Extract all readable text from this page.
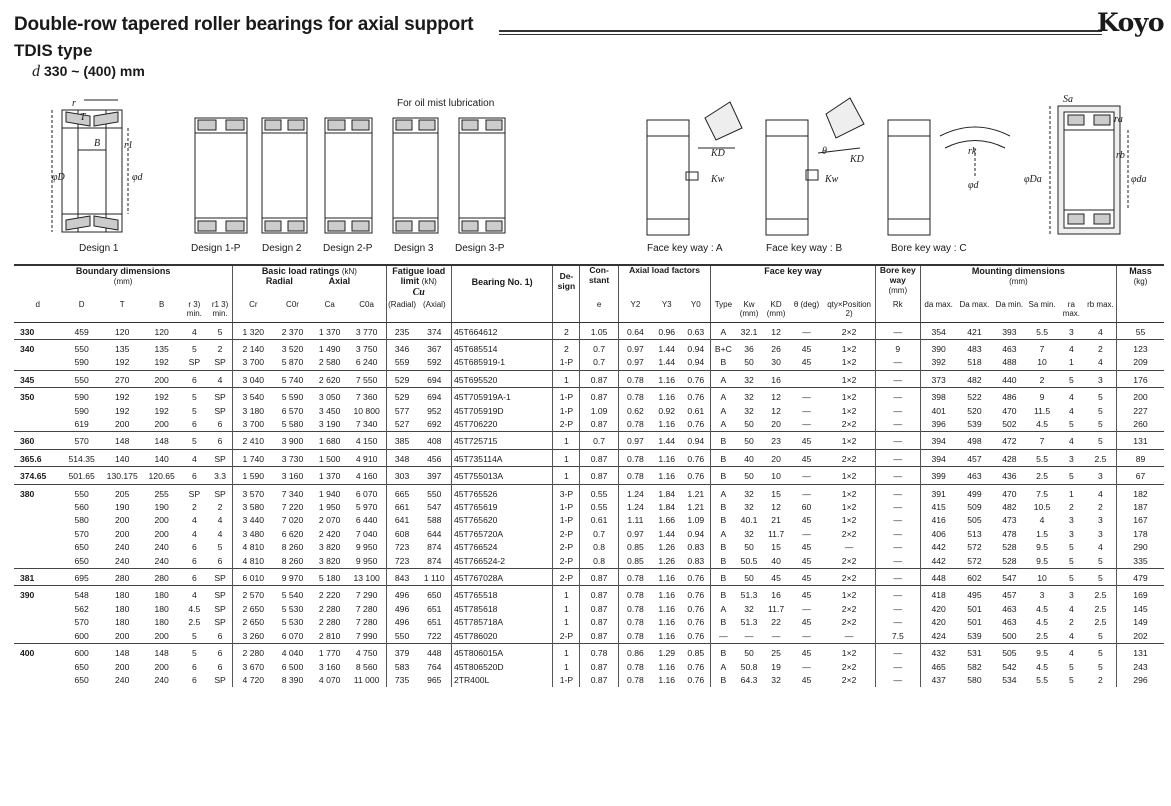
Double-row tapered roller bearings for axial support	Koyo
TDIS type
d 330 ~ (400) mm
For oil mist lubrication
T
r
r1
B
φD	φd
KD
Kw
θ
KD
Kw
rk
φd
Sa
ra
rb
φDa	φda
Design 1	Design 1-P Design 2 Design 2-P Design 3 Design 3-P	Face key way : A	Face key way : B	Bore key way : C
Boundary dimensions
(mm)						Basic load ratings (kN)
Radial Axial				Fatigue load limit (kN)
Cu		Bearing No. 1)	De-sign	Con-stant	Axial load factors			Face key way					Bore key way
(mm)	Mounting dimensions
(mm)						Mass
(kg)
d	D	T	B	r 3) min.	r1 3) min.	Cr	C0r	Ca	C0a	(Radial)	(Axial)			e	Y2	Y3	Y0	Type	Kw (mm)	KD (mm)	θ (deg)	qty×Position 2)	Rk	da max.	Da max.	Da min.	Sa min.	ra max.	rb max.	
330	459	120	120	4	5	1 320	2 370	1 370	3 770	235	374	45T664612	2	1.05	0.64	0.96	0.63	A	32.1	12	—	2×2	—	354	421	393	5.5	3	4	55
340	550	135	135	5	2	2 140	3 520	1 490	3 750	346	367	45T685514	2	0.7	0.97	1.44	0.94	B+C	36	26	45	1×2	9	390	483	463	7	4	2	123
	590	192	192	SP	SP	3 700	5 870	2 580	6 240	559	592	45T685919-1	1-P	0.7	0.97	1.44	0.94	B	50	30	45	1×2	—	392	518	488	10	1	4	209
345	550	270	200	6	4	3 040	5 740	2 620	7 550	529	694	45T695520	1	0.87	0.78	1.16	0.76	A	32	16		1×2	—	373	482	440	2	5	3	176
350	590	192	192	5	SP	3 540	5 590	3 050	7 360	529	694	45T705919A-1	1-P	0.87	0.78	1.16	0.76	A	32	12	—	1×2	—	398	522	486	9	4	5	200
	590	192	192	5	SP	3 180	6 570	3 450	10 800	577	952	45T705919D	1-P	1.09	0.62	0.92	0.61	A	32	12	—	1×2	—	401	520	470	11.5	4	5	227
	619	200	200	6	6	3 700	5 580	3 190	7 340	527	692	45T706220	2-P	0.87	0.78	1.16	0.76	A	50	20	—	2×2	—	396	539	502	4.5	5	5	260
360	570	148	148	5	6	2 410	3 900	1 680	4 150	385	408	45T725715	1	0.7	0.97	1.44	0.94	B	50	23	45	1×2	—	394	498	472	7	4	5	131
365.6	514.35	140	140	4	SP	1 740	3 730	1 500	4 910	348	456	45T735114A	1	0.87	0.78	1.16	0.76	B	40	20	45	2×2	—	394	457	428	5.5	3	2.5	89
374.65	501.65	130.175	120.65	6	3.3	1 590	3 160	1 370	4 160	303	397	45T755013A	1	0.87	0.78	1.16	0.76	B	50	10	—	1×2	—	399	463	436	2.5	5	3	67
380	550	205	255	SP	SP	3 570	7 340	1 940	6 070	665	550	45T765526	3-P	0.55	1.24	1.84	1.21	A	32	15	—	1×2	—	391	499	470	7.5	1	4	182
	560	190	190	2	2	3 580	7 220	1 950	5 970	661	547	45T765619	1-P	0.55	1.24	1.84	1.21	B	32	12	60	1×2	—	415	509	482	10.5	2	2	187
	580	200	200	4	4	3 440	7 020	2 070	6 440	641	588	45T765620	1-P	0.61	1.11	1.66	1.09	B	40.1	21	45	1×2	—	416	505	473	4	3	3	167
	570	200	200	4	4	3 480	6 620	2 420	7 040	608	644	45T765720A	2-P	0.7	0.97	1.44	0.94	A	32	11.7	—	2×2	—	406	513	478	1.5	3	3	178
	650	240	240	6	5	4 810	8 260	3 820	9 950	723	874	45T766524	2-P	0.8	0.85	1.26	0.83	B	50	15	45	—	—	442	572	528	9.5	5	4	290
	650	240	240	6	6	4 810	8 260	3 820	9 950	723	874	45T766524-2	2-P	0.8	0.85	1.26	0.83	B	50.5	40	45	2×2	—	442	572	528	9.5	5	5	335
381	695	280	280	6	SP	6 010	9 970	5 180	13 100	843	1 110	45T767028A	2-P	0.87	0.78	1.16	0.76	B	50	45	45	2×2	—	448	602	547	10	5	5	479
390	548	180	180	4	SP	2 570	5 540	2 220	7 290	496	650	45T765518	1	0.87	0.78	1.16	0.76	B	51.3	16	45	1×2	—	418	495	457	3	3	2.5	169
	562	180	180	4.5	SP	2 650	5 530	2 280	7 280	496	651	45T785618	1	0.87	0.78	1.16	0.76	A	32	11.7	—	2×2	—	420	501	463	4.5	4	2.5	145
	570	180	180	2.5	SP	2 650	5 530	2 280	7 280	496	651	45T785718A	1	0.87	0.78	1.16	0.76	B	51.3	22	45	2×2	—	420	501	463	4.5	2	2.5	149
	600	200	200	5	6	3 260	6 070	2 810	7 990	550	722	45T786020	2-P	0.87	0.78	1.16	0.76	—	—	—	—	—	7.5	424	539	500	2.5	4	5	202
400	600	148	148	5	6	2 280	4 040	1 770	4 750	379	448	45T806015A	1	0.78	0.86	1.29	0.85	B	50	25	45	1×2	—	432	531	505	9.5	4	5	131
	650	200	200	6	6	3 670	6 500	3 160	8 560	583	764	45T806520D	1	0.87	0.78	1.16	0.76	A	50.8	19	—	2×2	—	465	582	542	4.5	5	5	243
	650	240	240	6	SP	4 720	8 390	4 070	11 000	735	965	2TR400L	1-P	0.87	0.78	1.16	0.76	B	64.3	32	45	2×2	—	437	580	534	5.5	5	2	296
